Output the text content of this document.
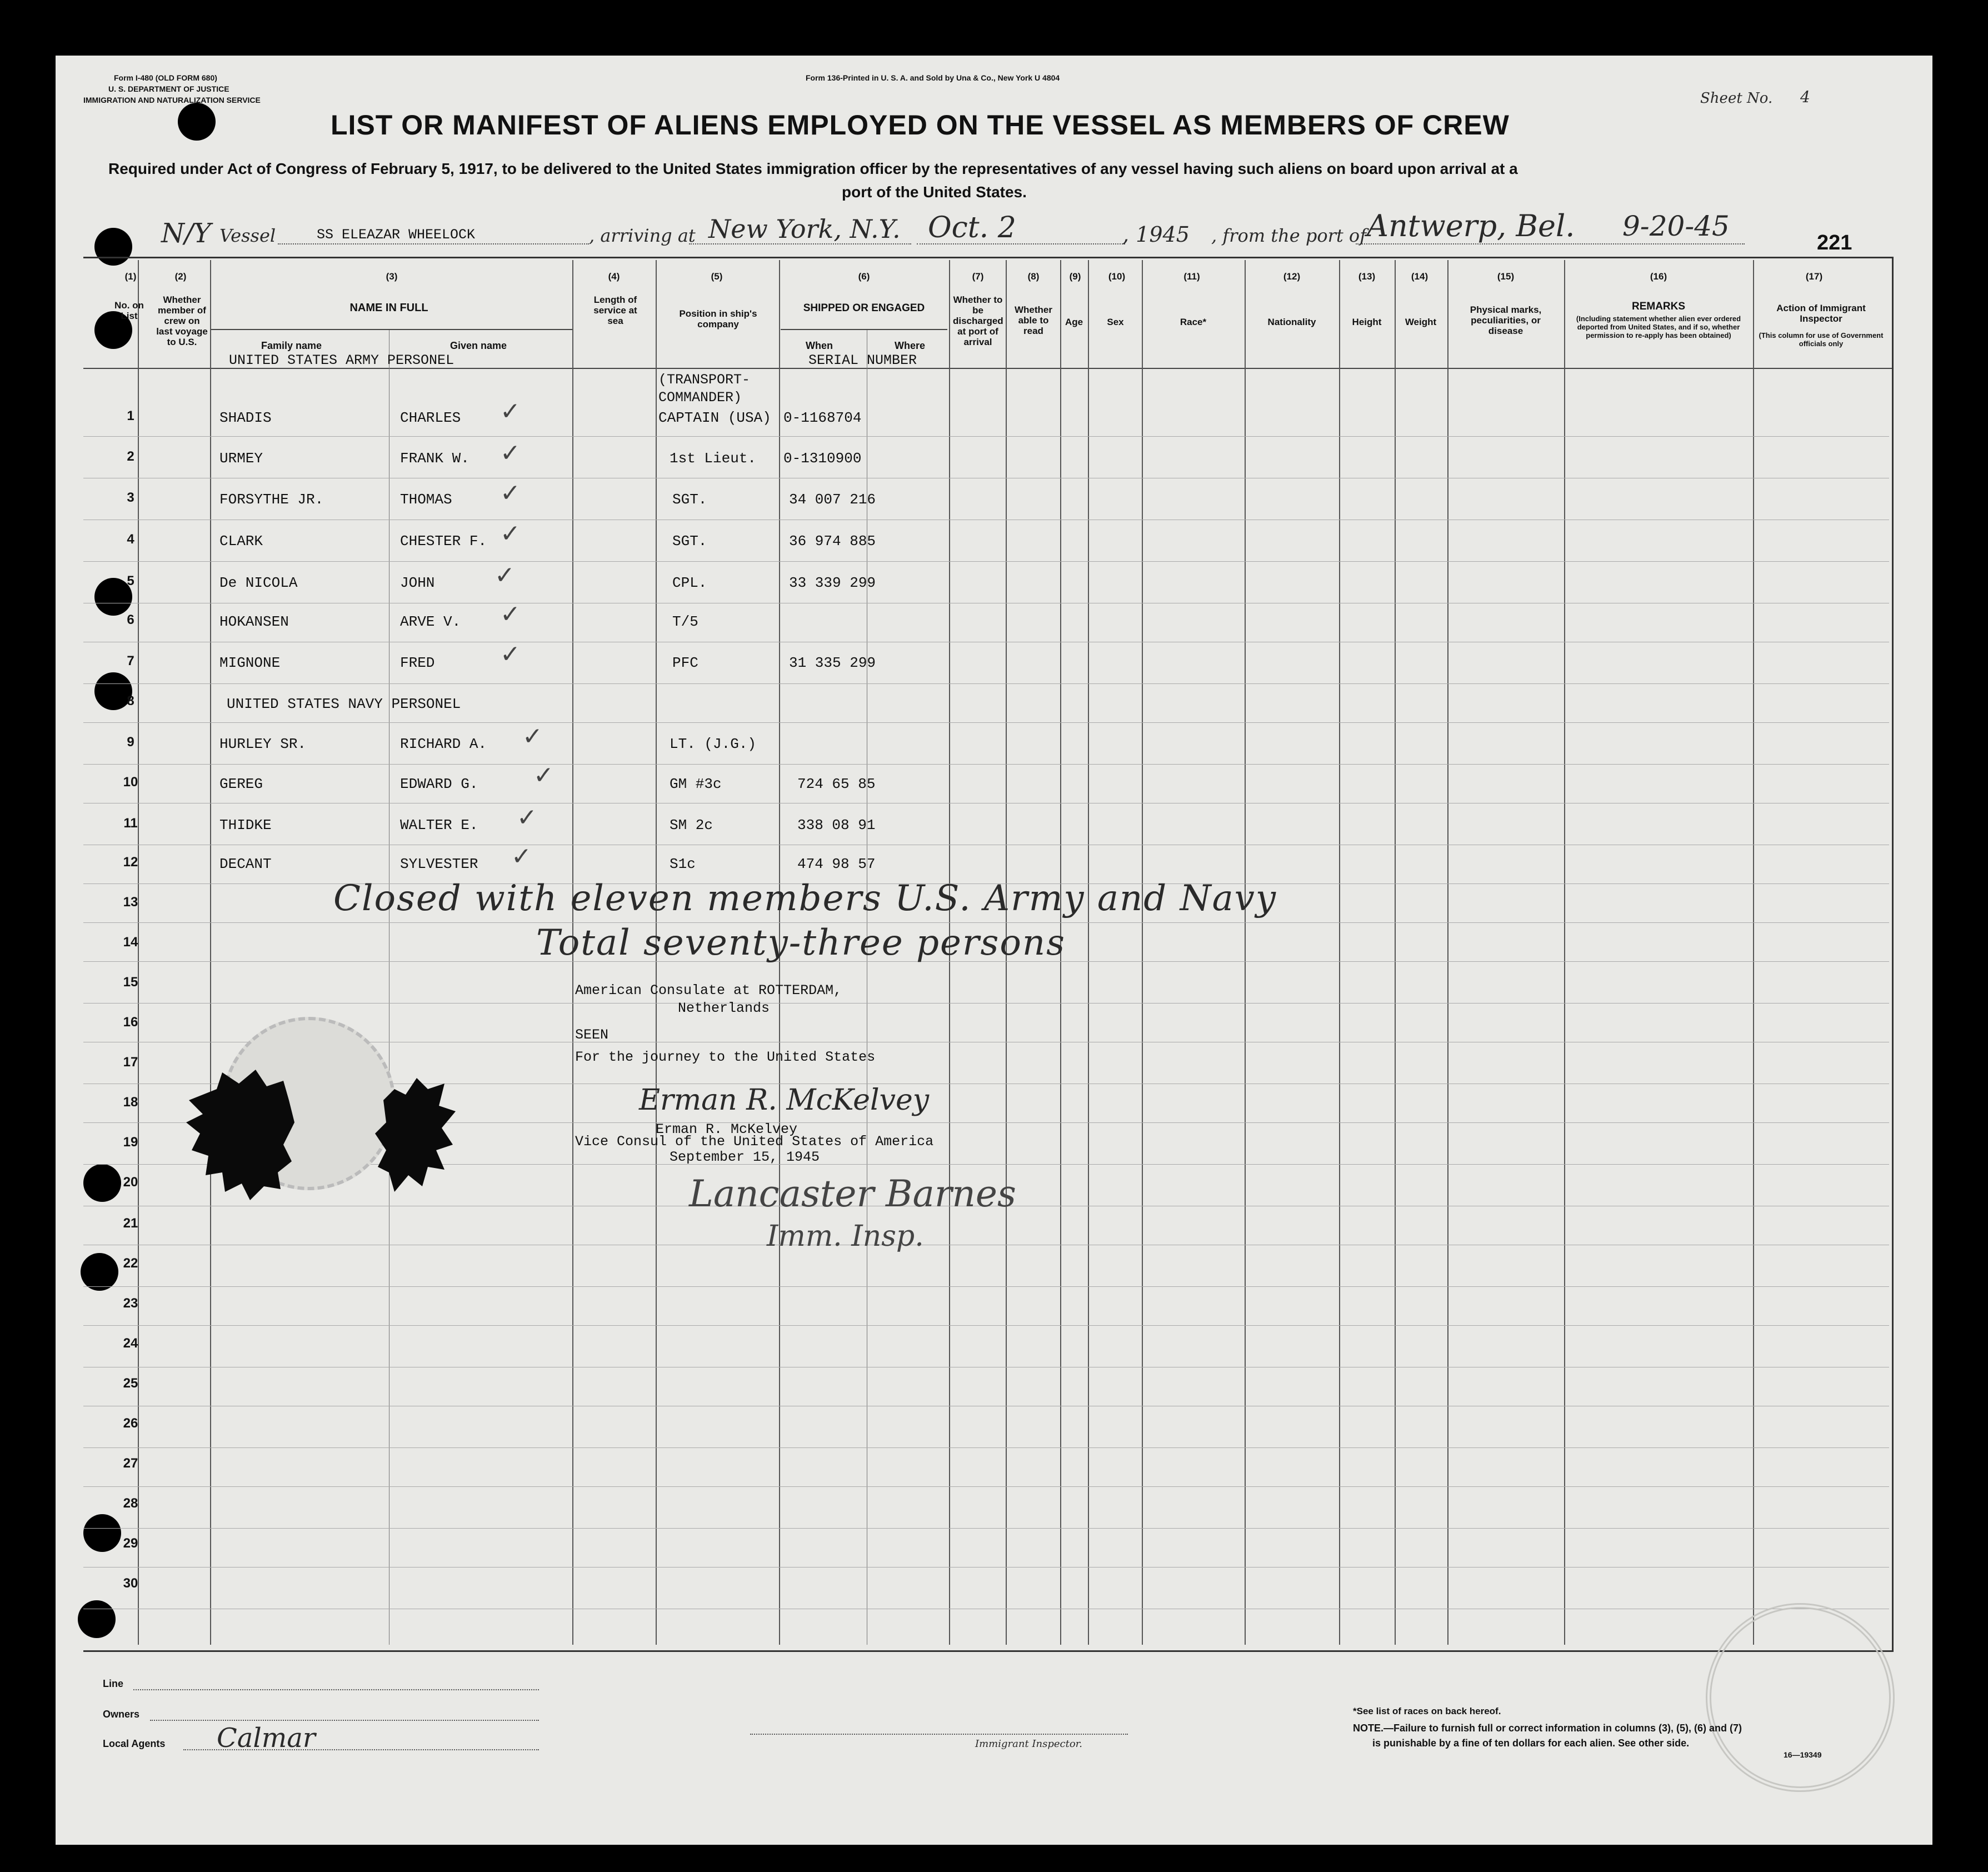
Form I-480 (OLD FORM 680)
U. S. DEPARTMENT OF JUSTICE
IMMIGRATION AND NATURALIZATION SERVICE
Form 136-Printed in U. S. A. and Sold by Una & Co., New York U 4804
Sheet No. 4
LIST OR MANIFEST OF ALIENS EMPLOYED ON THE VESSEL AS MEMBERS OF CREW
Required under Act of Congress of February 5, 1917, to be delivered to the United States immigration officer by the representatives of any vessel having such aliens on board upon arrival at a
port of the United States.
N/Y Vessel	SS ELEAZAR WHEELOCK	, arriving at New York, N.Y. Oct. 2	, 1945 , from the port of Antwerp, Bel. 9-20-45
221
(1)	(2)	(3)	(4)	(5)	(6)	(7)	(8)	(9)	(10)	(11)	(12)	(13)	(14)	(15)	(16)	(17)
No. on List
Whether member of crew on last voyage to U.S.
NAME IN FULL
Length of service at sea
Position in ship's company
SHIPPED OR ENGAGED
Whether to be discharged at port of arrival
Whether able to read
Age	Sex	Race*	Nationality	Height	Weight
Physical marks, peculiarities, or disease
REMARKS
(Including statement whether alien ever ordered deported from United States, and if so, whether permission to re-apply has been obtained)
Action of Immigrant Inspector
(This column for use of Government officials only
Family name	Given name	When	Where
UNITED STATES ARMY PERSONEL	SERIAL NUMBER
(TRANSPORT-
COMMANDER)
1	SHADIS	CHARLES ✓	CAPTAIN (USA) 0-1168704
2	URMEY	FRANK W. ✓	1st Lieut. 0-1310900
3	FORSYTHE JR.	THOMAS ✓	SGT.	34 007 216
4	CLARK	CHESTER F. ✓	SGT.	36 974 885
5	De NICOLA	JOHN ✓	CPL.	33 339 299
6	HOKANSEN	ARVE V. ✓	T/5
7	MIGNONE	FRED	✓	PFC	31 335 299
8	UNITED STATES NAVY PERSONEL
9	HURLEY SR.	RICHARD A. ✓	LT. (J.G.)
10	GEREG	EDWARD G. ✓	GM #3c	724 65 85
11	THIDKE	WALTER E. ✓	SM 2c	338 08 91
12	DECANT	SYLVESTER ✓	S1c	474 98 57
13
14
15
16
17
18
19
20
21
22
23
24
25
26
27
28
29
30
Closed with eleven members U.S. Army and Navy
Total seventy-three persons
American Consulate at ROTTERDAM,
Netherlands
SEEN
For the journey to the United States
Erman R. McKelvey
Erman R. McKelvey
Vice Consul of the United States of America
September 15, 1945
Lancaster Barnes
Imm. Insp.
Line
Owners
Local Agents Calmar	Immigrant Inspector.
*See list of races on back hereof.
NOTE.—Failure to furnish full or correct information in columns (3), (5), (6) and (7)
is punishable by a fine of ten dollars for each alien. See other side.
16—19349
